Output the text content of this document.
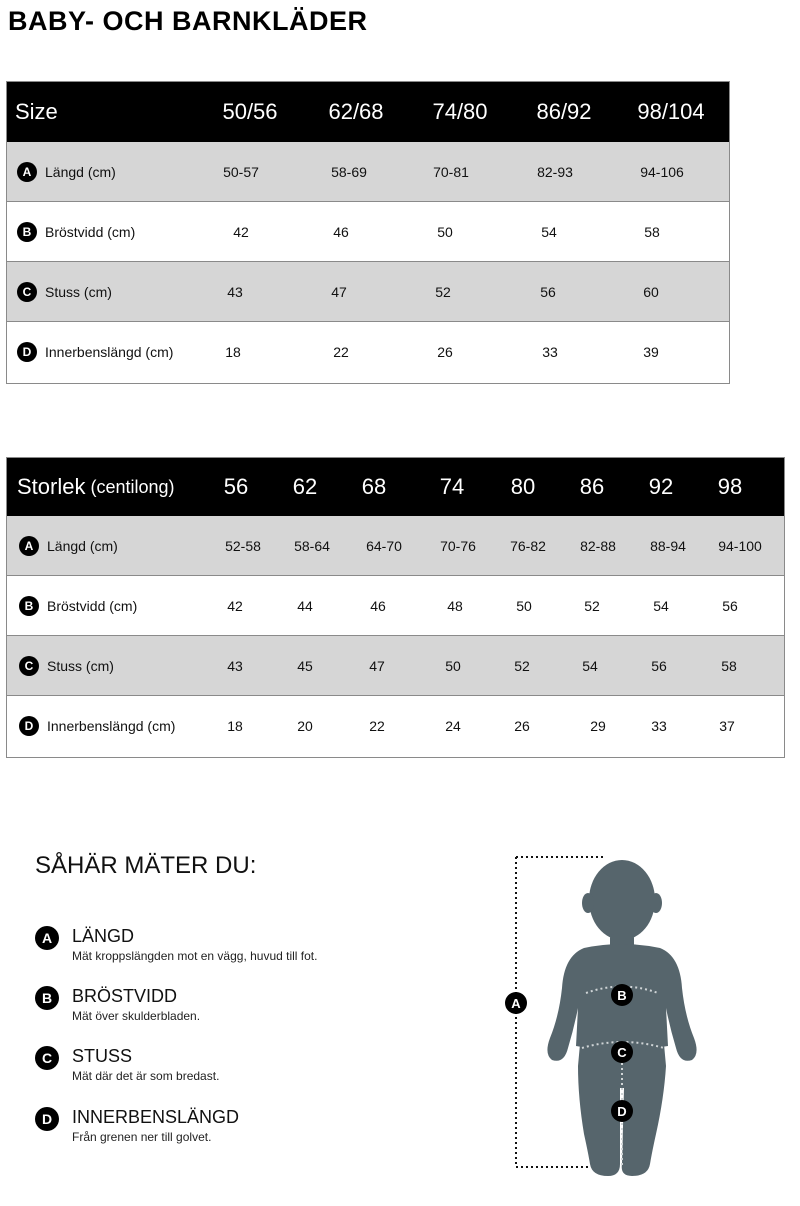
BABY- OCH BARNKLÄDER
Size	50/56	62/68	74/80	86/92	98/104
A Längd (cm)	50-57	58-69	70-81	82-93	94-106
B Bröstvidd (cm)	42	46	50	54	58
C Stuss (cm)	43	47	52	56	60
D Innerbenslängd (cm)	18	22	26	33	39
Storlek (centilong)	56	62	68	74	80	86	92	98
A Längd (cm)	52-58	58-64	64-70	70-76	76-82	82-88	88-94	94-100
B Bröstvidd (cm)	42	44	46	48	50	52	54	56
C Stuss (cm)	43	45	47	50	52	54	56	58
D Innerbenslängd (cm)	18	20	22	24	26	29	33	37
SÅHÄR MÄTER DU:
A	LÄNGD
Mät kroppslängden mot en vägg, huvud till fot.
B	BRÖSTVIDD
Mät över skulderbladen.
C	STUSS
Mät där det är som bredast.
D	INNERBENSLÄNGD
Från grenen ner till golvet.
A
B
C
D
